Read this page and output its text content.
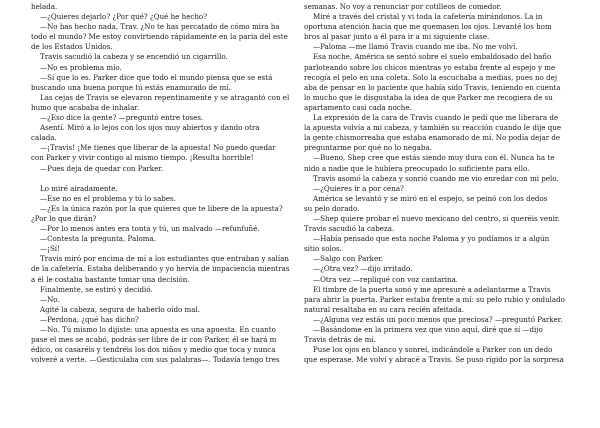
helada.
—¿Quieres dejarlo? ¿Por qué? ¿Qué he hecho?
—No has hecho nada, Trav. ¿No te has percatado de cómo mira ba
todo el mundo? Me estoy convirtiendo rápidamente en la paria del este
de los Estados Unidos.
Travis sacudió la cabeza y se encendió un cigarrillo.
—No es problema mío.
—Sí que lo es. Parker dice que todo el mundo piensa que se está
buscando una buena porque tú estás enamorado de mí.
Las cejas de Travis se elevaron repentinamente y se atragantó con el
humo que acababa de inhalar.
—¿Eso dice la gente? —preguntó entre toses.
Asentí. Miró a lo lejos con los ojos muy abiertos y dando otra
calada.
—¡Travis! ¡Me tienes que liberar de la apuesta! No puedo quedar
con Parker y vivir contigo al mismo tiempo. ¡Resulta horrible!
—Pues deja de quedar con Parker.
Lo miré airadamente.
—Ese no es el problema y tú lo sabes.
—¿Es la única razón por la que quieres que te libere de la apuesta?
¿Por lo que dirán?
—Por lo menos antes era tonta y tú, un malvado —refunfuñé.
—Contesta la pregunta, Paloma.
—¡Sí!
Travis miró por encima de mí a los estudiantes que entraban y salían
de la cafetería. Estaba deliberando y yo hervía de impaciencia mientras
a él le costaba bastante tomar una decisión.
Finalmente, se estiró y decidió.
—No.
Agité la cabeza, segura de haberlo oído mal.
—Perdona, ¿qué has dicho?
—No. Tú mismo lo dijiste: una apuesta es una apuesta. En cuanto
pase el mes se acabó, podrás ser libre de ir con Parker, él se hará m
édico, os casaréis y tendréis los dos niños y medio que toca y nunca
volveré a verte. —Gesticulaba con sus palabras—. Todavía tengo tres
semanas. No voy a renunciar por cotilleos de comedor.
Miré a través del cristal y vi toda la cafetería mirándonos. La in
oportuna atención hacia que me quemasen los ojos. Levanté los hom
bros al pasar junto a él para ir a mi siguiente clase.
—Paloma —me llamó Travis cuando me iba. No me volví.
Esa noche, América se sentó sobre el suelo embaldosado del baño
parloteando sobre los chicos mientras yo estaba frente al espejo y me
recogía el pelo en una coleta. Solo la escuchaba a medias, pues no dej
aba de pensar en lo paciente que había sido Travis, teniendo en cuenta
lo mucho que le disgustaba la idea de que Parker me recogiera de su
apartamento casi cada noche.
La expresión de la cara de Travis cuando le pedí que me liberara de
la apuesta volvía a mi cabeza, y también su reacción cuando le dije que
la gente chismorreaba que estaba enamorado de mí. No podía dejar de
preguntarme por qué no lo negaba.
—Bueno, Shep cree que estás siendo muy dura con él. Nunca ha te
nido a nadie que le hubiera preocupado lo suficiente para ello.
Travis asomó la cabeza y sonrió cuando me vio enredar con mi pelo.
—¿Quieres ir a por cena?
América se levantó y se miró en el espejo, se peinó con los dedos
su pelo dorado.
—Shep quiere probar el nuevo mexicano del centro, si queréis venir.
Travis sacudió la cabeza.
—Había pensado que esta noche Paloma y yo podíamos ir a algún
sitio solos.
—Salgo con Parker.
—¿Otra vez? —dijo irritado.
—Otra vez —repliqué con voz cantarina.
El timbre de la puerta sonó y me apresuré a adelantarme a Travis
para abrir la puerta. Parker estaba frente a mí: su pelo rubio y ondulado
natural resaltaba en su cara recién afeitada.
—¿Alguna vez estás un poco menos que preciosa? —preguntó Parker.
—Basándome en la primera vez que vino aquí, diré que sí —dijo
Travis detrás de mí.
Puse los ojos en blanco y sonreí, indicándole a Parker con un dedo
que esperase. Me volví y abracé a Travis. Se puso rígido por la sorpresa
